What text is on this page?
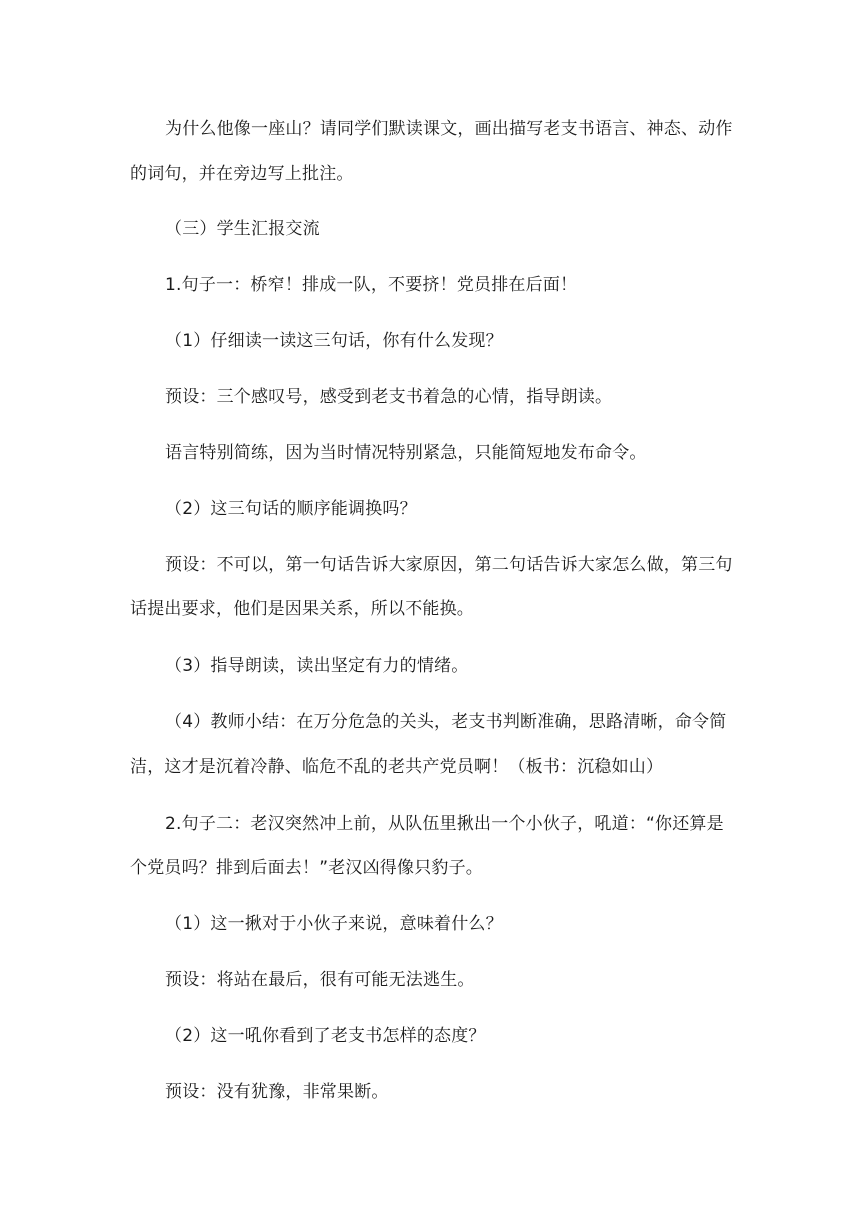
为什么他像一座山？请同学们默读课文，画出描写老支书语言、神态、动作
的词句，并在旁边写上批注。
（三）学生汇报交流
1.句子一：桥窄！排成一队，不要挤！党员排在后面！
（1）仔细读一读这三句话，你有什么发现？
预设：三个感叹号，感受到老支书着急的心情，指导朗读。
语言特别简练，因为当时情况特别紧急，只能简短地发布命令。
（2）这三句话的顺序能调换吗？
预设：不可以，第一句话告诉大家原因，第二句话告诉大家怎么做，第三句
话提出要求，他们是因果关系，所以不能换。
（3）指导朗读，读出坚定有力的情绪。
（4）教师小结：在万分危急的关头，老支书判断准确，思路清晰，命令简
洁，这才是沉着冷静、临危不乱的老共产党员啊！（板书：沉稳如山）
2.句子二：老汉突然冲上前，从队伍里揪出一个小伙子，吼道：“你还算是
个党员吗？排到后面去！”老汉凶得像只豹子。
（1）这一揪对于小伙子来说，意味着什么？
预设：将站在最后，很有可能无法逃生。
（2）这一吼你看到了老支书怎样的态度？
预设：没有犹豫，非常果断。
